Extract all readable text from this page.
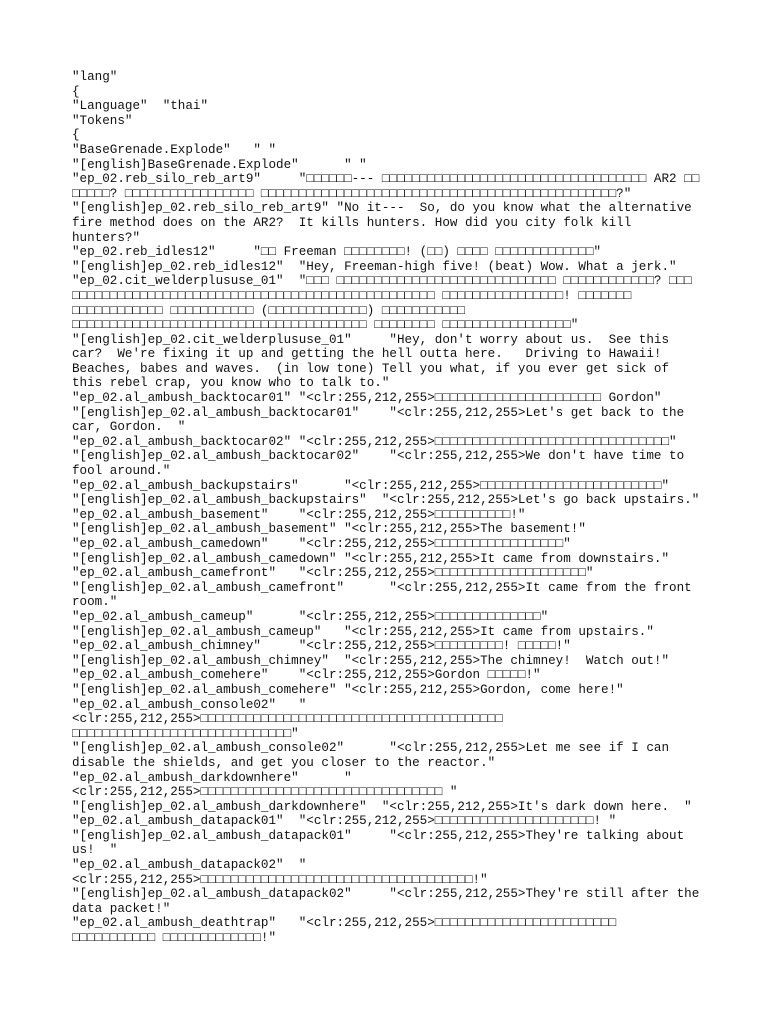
"lang"
{
"Language"  "thai"
"Tokens"
{
"BaseGrenade.Explode"   " "
"[english]BaseGrenade.Explode"      " "
"ep_02.reb_silo_reb_art9"     "□□□□□□--- □□□□□□□□□□□□□□□□□□□□□□□□□□□□□□□□□□□ AR2 □□ □□□□□? □□□□□□□□□□□□□□□□□ □□□□□□□□□□□□□□□□□□□□□□□□□□□□□□□□□□□□□□□□□□□□□□□?"
"[english]ep_02.reb_silo_reb_art9" "No it---  So, do you know what the alternative fire method does on the AR2?  It kills hunters. How did you city folk kill hunters?"
"ep_02.reb_idles12"     "□□ Freeman □□□□□□□□! (□□) □□□□ □□□□□□□□□□□□□"
"[english]ep_02.reb_idles12"  "Hey, Freeman-high five! (beat) Wow. What a jerk."
"ep_02.cit_welderplususe_01"  "□□□ □□□□□□□□□□□□□□□□□□□□□□□□□□□□□ □□□□□□□□□□□□? □□□ □□□□□□□□□□□□□□□□□□□□□□□□□□□□□□□□□□□□□□□□□□□□□□□□ □□□□□□□□□□□□□□□□! □□□□□□□ □□□□□□□□□□□□ □□□□□□□□□□□ (□□□□□□□□□□□□□) □□□□□□□□□□□ □□□□□□□□□□□□□□□□□□□□□□□□□□□□□□□□□□□□□□□ □□□□□□□□ □□□□□□□□□□□□□□□□□"
"[english]ep_02.cit_welderplususe_01"     "Hey, don't worry about us.  See this car?  We're fixing it up and getting the hell outta here.   Driving to Hawaii! Beaches, babes and waves.  (in low tone) Tell you what, if you ever get sick of this rebel crap, you know who to talk to."
"ep_02.al_ambush_backtocar01" "<clr:255,212,255>□□□□□□□□□□□□□□□□□□□□□□ Gordon"
"[english]ep_02.al_ambush_backtocar01"    "<clr:255,212,255>Let's get back to the car, Gordon.  "
"ep_02.al_ambush_backtocar02" "<clr:255,212,255>□□□□□□□□□□□□□□□□□□□□□□□□□□□□□□□"
"[english]ep_02.al_ambush_backtocar02"    "<clr:255,212,255>We don't have time to fool around."
"ep_02.al_ambush_backupstairs"      "<clr:255,212,255>□□□□□□□□□□□□□□□□□□□□□□□□"
"[english]ep_02.al_ambush_backupstairs"  "<clr:255,212,255>Let's go back upstairs."
"ep_02.al_ambush_basement"    "<clr:255,212,255>□□□□□□□□□□!"
"[english]ep_02.al_ambush_basement" "<clr:255,212,255>The basement!"
"ep_02.al_ambush_camedown"    "<clr:255,212,255>□□□□□□□□□□□□□□□□□"
"[english]ep_02.al_ambush_camedown" "<clr:255,212,255>It came from downstairs."
"ep_02.al_ambush_camefront"   "<clr:255,212,255>□□□□□□□□□□□□□□□□□□□□"
"[english]ep_02.al_ambush_camefront"      "<clr:255,212,255>It came from the front room."
"ep_02.al_ambush_cameup"      "<clr:255,212,255>□□□□□□□□□□□□□□"
"[english]ep_02.al_ambush_cameup"   "<clr:255,212,255>It came from upstairs."
"ep_02.al_ambush_chimney"     "<clr:255,212,255>□□□□□□□□□! □□□□□!"
"[english]ep_02.al_ambush_chimney"  "<clr:255,212,255>The chimney!  Watch out!"
"ep_02.al_ambush_comehere"    "<clr:255,212,255>Gordon □□□□□!"
"[english]ep_02.al_ambush_comehere" "<clr:255,212,255>Gordon, come here!"
"ep_02.al_ambush_console02"   "<clr:255,212,255>□□□□□□□□□□□□□□□□□□□□□□□□□□□□□□□□□□□□□□□□ □□□□□□□□□□□□□□□□□□□□□□□□□□□□□"
"[english]ep_02.al_ambush_console02"      "<clr:255,212,255>Let me see if I can disable the shields, and get you closer to the reactor."
"ep_02.al_ambush_darkdownhere"      "<clr:255,212,255>□□□□□□□□□□□□□□□□□□□□□□□□□□□□□□□□ "
"[english]ep_02.al_ambush_darkdownhere"  "<clr:255,212,255>It's dark down here.  "
"ep_02.al_ambush_datapack01"  "<clr:255,212,255>□□□□□□□□□□□□□□□□□□□□□! "
"[english]ep_02.al_ambush_datapack01"     "<clr:255,212,255>They're talking about us!  "
"ep_02.al_ambush_datapack02"  "<clr:255,212,255>□□□□□□□□□□□□□□□□□□□□□□□□□□□□□□□□□□□□!"
"[english]ep_02.al_ambush_datapack02"     "<clr:255,212,255>They're still after the data packet!"
"ep_02.al_ambush_deathtrap"   "<clr:255,212,255>□□□□□□□□□□□□□□□□□□□□□□□□ □□□□□□□□□□□ □□□□□□□□□□□□□!"
